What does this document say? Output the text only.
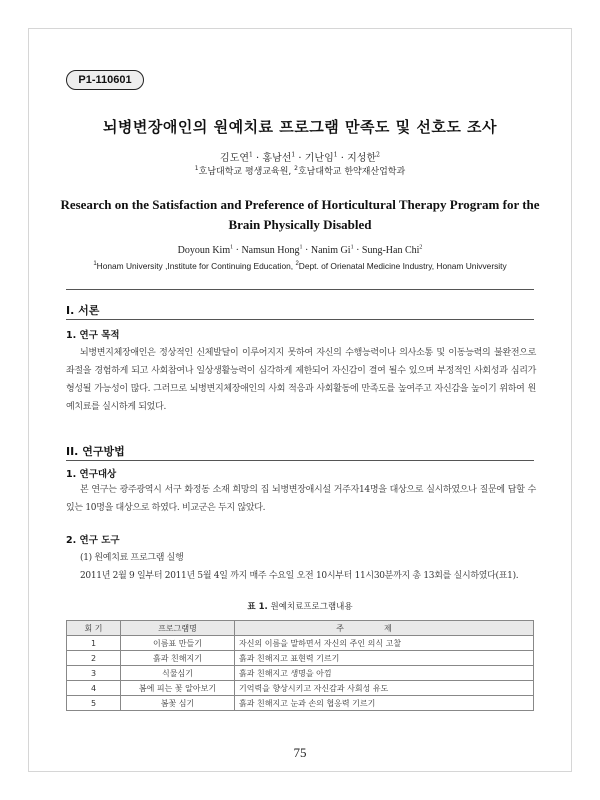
P1-110601
뇌병변장애인의 원예치료 프로그램 만족도 및 선호도 조사
김도연$^1$ · 홍남선$^1$ · 기난임$^1$ · 지성한$^2$
$^1$호남대학교 평생교육원, $^2$호남대학교 한약재산업학과
Research on the Satisfaction and Preference of Horticultural Therapy Program for the Brain Physically Disabled
Doyoun Kim$^1$ · Namsun Hong$^1$ · Nanim $Gi^1$ · Sung-Han Chi$^2$
$^1$Honam University ,Institute for Continuing Education, $^2$Dept. of Orienatal Medicine Industry, Honam Univversity
I. 서론
1. 연구 목적
뇌병변지체장애인은 정상적인 신체발달이 이루어지지 못하여 자신의 수행능력이나 의사소통 및 이동능력의 불완전으로 좌절을 경험하게 되고 사회참여나 일상생활능력이 심각하게 제한되어 자신감이 결여 될수 있으며 부정적인 사회성과 심리가 형성될 가능성이 많다. 그러므로 뇌병변지체장애인의 사회 적응과 사회활동에 만족도를 높여주고 자신감을 높이기 위하여 원예치료를 실시하게 되었다.
II. 연구방법
1. 연구대상
본 연구는 광주광역시 서구 화정동 소재 희망의 집 뇌병변장애시설 거주자14명을 대상으로 실시하였으나 질문에 답할 수 있는 10명을 대상으로 하였다. 비교군은 두지 않았다.
2. 연구 도구
(1) 원예치료 프로그램 실행
2011년 2월 9 일부터 2011년 5월 4일 까지 매주 수요일 오전 10시부터 11시30분까지 총 13회를 실시하였다(표1).
표 1. 원예치료프로그램내용
회 기	프로그램명	주제
1	이름표 만들기	자신의 이름을 말하면서 자신의 주인 의식 고찰
2	흙과 친해지기	흙과 친해지고 표현력 기르기
3	식물심기	흙과 친해지고 생명을 아낌
4	봄에 피는 꽃 알아보기	기억력을 향상시키고 자신감과 사회성 유도
5	봄꽃 심기	흙과 친해지고 눈과 손의 협응력 기르기
75
